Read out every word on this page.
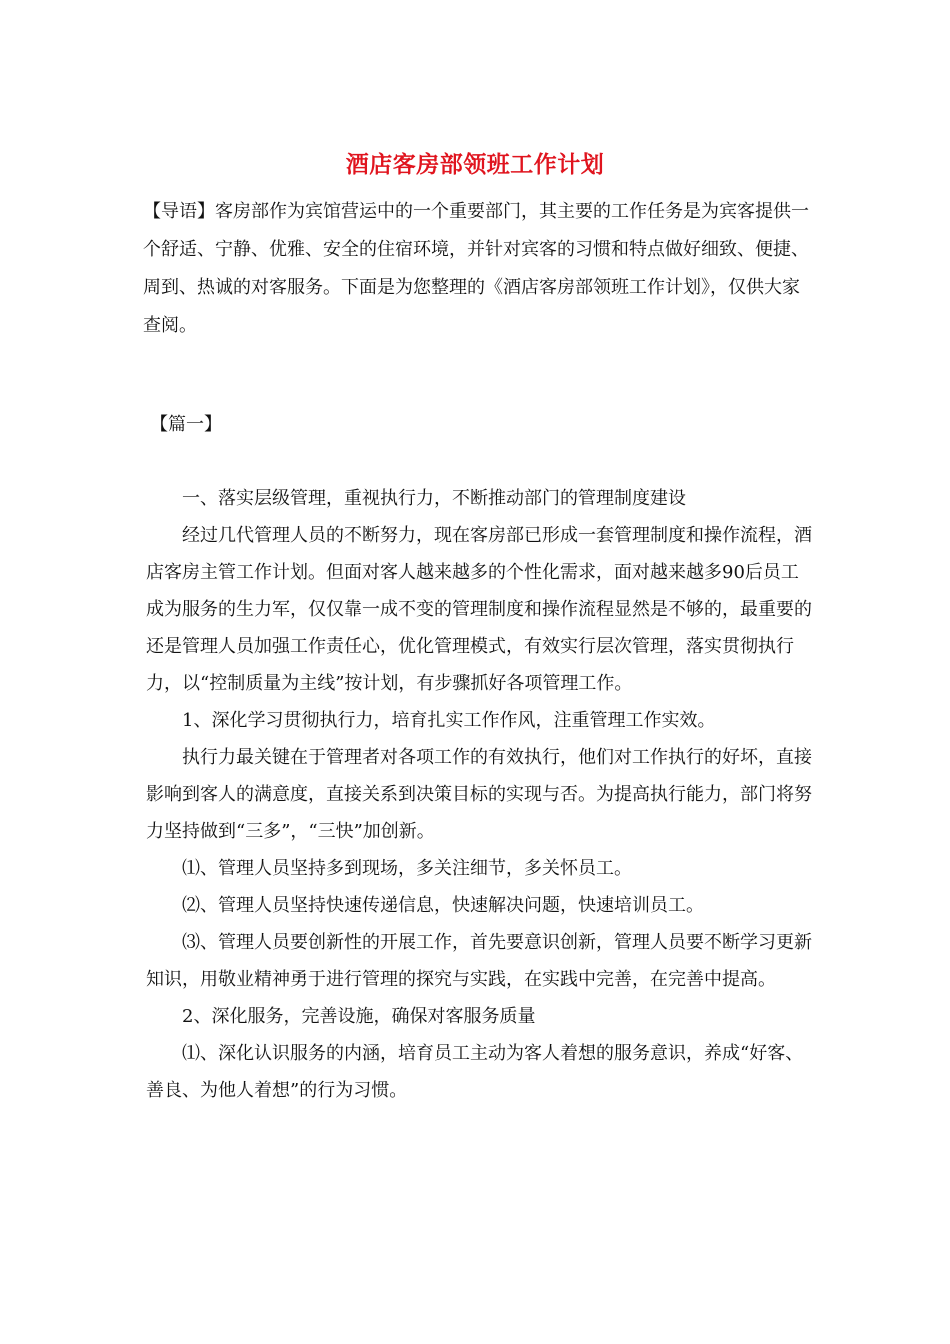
酒店客房部领班工作计划

【导语】客房部作为宾馆营运中的一个重要部门，其主要的工作任务是为宾客提供一个舒适、宁静、优雅、安全的住宿环境，并针对宾客的习惯和特点做好细致、便捷、周到、热诚的对客服务。下面是为您整理的《酒店客房部领班工作计划》，仅供大家查阅。

【篇一】

一、落实层级管理，重视执行力，不断推动部门的管理制度建设

经过几代管理人员的不断努力，现在客房部已形成一套管理制度和操作流程，酒店客房主管工作计划。但面对客人越来越多的个性化需求，面对越来越多90后员工成为服务的生力军，仅仅靠一成不变的管理制度和操作流程显然是不够的，最重要的还是管理人员加强工作责任心，优化管理模式，有效实行层次管理，落实贯彻执行力，以“控制质量为主线”按计划，有步骤抓好各项管理工作。

1、深化学习贯彻执行力，培育扎实工作作风，注重管理工作实效。

执行力最关键在于管理者对各项工作的有效执行，他们对工作执行的好坏，直接影响到客人的满意度，直接关系到决策目标的实现与否。为提高执行能力，部门将努力坚持做到“三多”，“三快”加创新。

⑴、管理人员坚持多到现场，多关注细节，多关怀员工。

⑵、管理人员坚持快速传递信息，快速解决问题，快速培训员工。

⑶、管理人员要创新性的开展工作，首先要意识创新，管理人员要不断学习更新知识，用敬业精神勇于进行管理的探究与实践，在实践中完善，在完善中提高。

2、深化服务，完善设施，确保对客服务质量

⑴、深化认识服务的内涵，培育员工主动为客人着想的服务意识，养成“好客、善良、为他人着想”的行为习惯。
